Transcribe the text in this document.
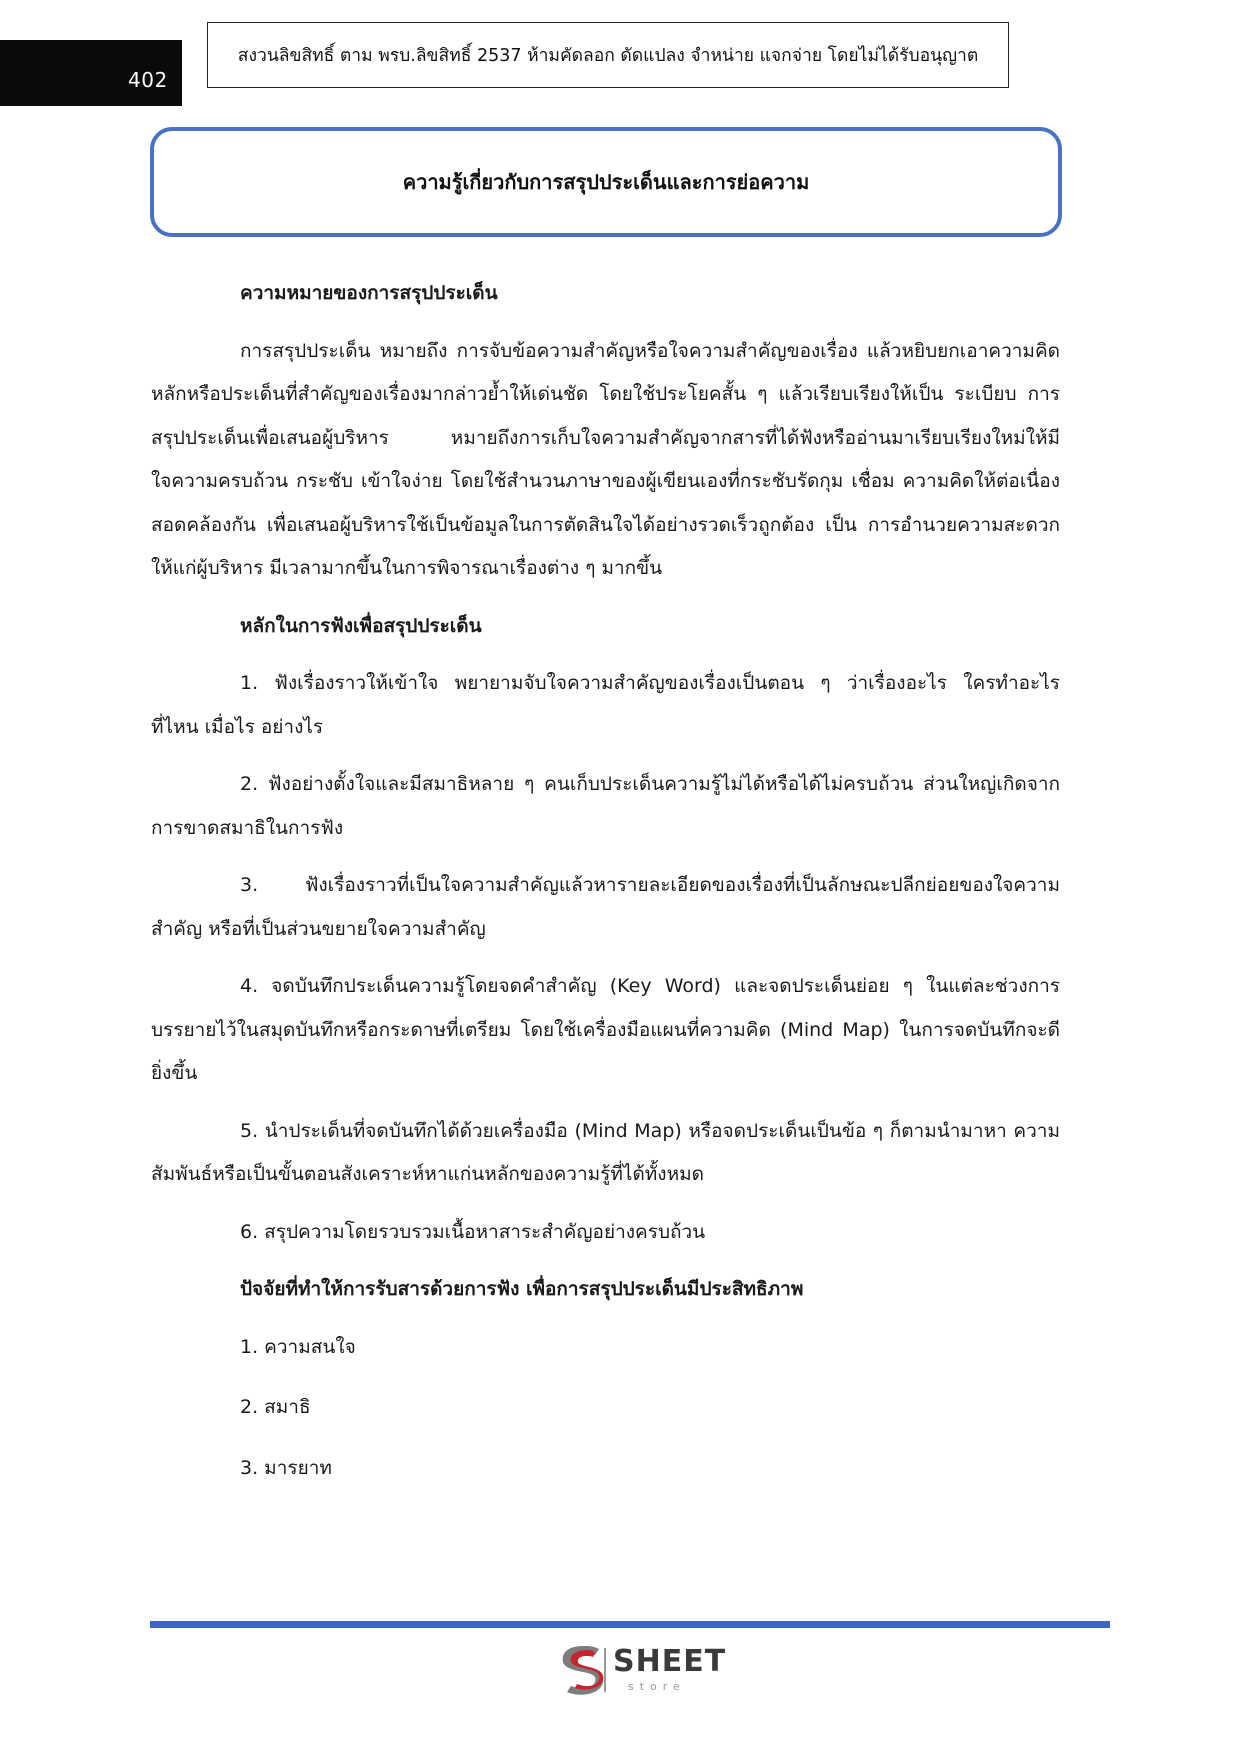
402
สงวนลิขสิทธิ์ ตาม พรบ.ลิขสิทธิ์ 2537 ห้ามคัดลอก ดัดแปลง จำหน่าย แจกจ่าย โดยไม่ได้รับอนุญาต
ความรู้เกี่ยวกับการสรุปประเด็นและการย่อความ
ความหมายของการสรุปประเด็น

การสรุปประเด็น หมายถึง การจับข้อความสำคัญหรือใจความสำคัญของเรื่อง แล้วหยิบยกเอาความคิดหลักหรือประเด็นที่สำคัญของเรื่องมากล่าวย้ำให้เด่นชัด โดยใช้ประโยคสั้น ๆ แล้วเรียบเรียงให้เป็น ระเบียบ การสรุปประเด็นเพื่อเสนอผู้บริหาร หมายถึงการเก็บใจความสำคัญจากสารที่ได้ฟังหรืออ่านมาเรียบเรียงใหม่ให้มีใจความครบถ้วน กระชับ เข้าใจง่าย โดยใช้สำนวนภาษาของผู้เขียนเองที่กระชับรัดกุม เชื่อม ความคิดให้ต่อเนื่องสอดคล้องกัน เพื่อเสนอผู้บริหารใช้เป็นข้อมูลในการตัดสินใจได้อย่างรวดเร็วถูกต้อง เป็น การอำนวยความสะดวกให้แก่ผู้บริหาร มีเวลามากขึ้นในการพิจารณาเรื่องต่าง ๆ มากขึ้น

หลักในการฟังเพื่อสรุปประเด็น

1. ฟังเรื่องราวให้เข้าใจ พยายามจับใจความสำคัญของเรื่องเป็นตอน ๆ ว่าเรื่องอะไร ใครทำอะไร ที่ไหน เมื่อไร อย่างไร

2. ฟังอย่างตั้งใจและมีสมาธิหลาย ๆ คนเก็บประเด็นความรู้ไม่ได้หรือได้ไม่ครบถ้วน ส่วนใหญ่เกิดจากการขาดสมาธิในการฟัง

3. ฟังเรื่องราวที่เป็นใจความสำคัญแล้วหารายละเอียดของเรื่องที่เป็นลักษณะปลีกย่อยของใจความสำคัญ หรือที่เป็นส่วนขยายใจความสำคัญ

4. จดบันทึกประเด็นความรู้โดยจดคำสำคัญ (Key Word) และจดประเด็นย่อย ๆ ในแต่ละช่วงการบรรยายไว้ในสมุดบันทึกหรือกระดาษที่เตรียม โดยใช้เครื่องมือแผนที่ความคิด (Mind Map) ในการจดบันทึกจะดียิ่งขึ้น

5. นำประเด็นที่จดบันทึกได้ด้วยเครื่องมือ (Mind Map) หรือจดประเด็นเป็นข้อ ๆ ก็ตามนำมาหา ความสัมพันธ์หรือเป็นขั้นตอนสังเคราะห์หาแก่นหลักของความรู้ที่ได้ทั้งหมด

6. สรุปความโดยรวบรวมเนื้อหาสาระสำคัญอย่างครบถ้วน

ปัจจัยที่ทำให้การรับสารด้วยการฟัง เพื่อการสรุปประเด็นมีประสิทธิภาพ

1. ความสนใจ

2. สมาธิ

3. มารยาท

SHEET
store
